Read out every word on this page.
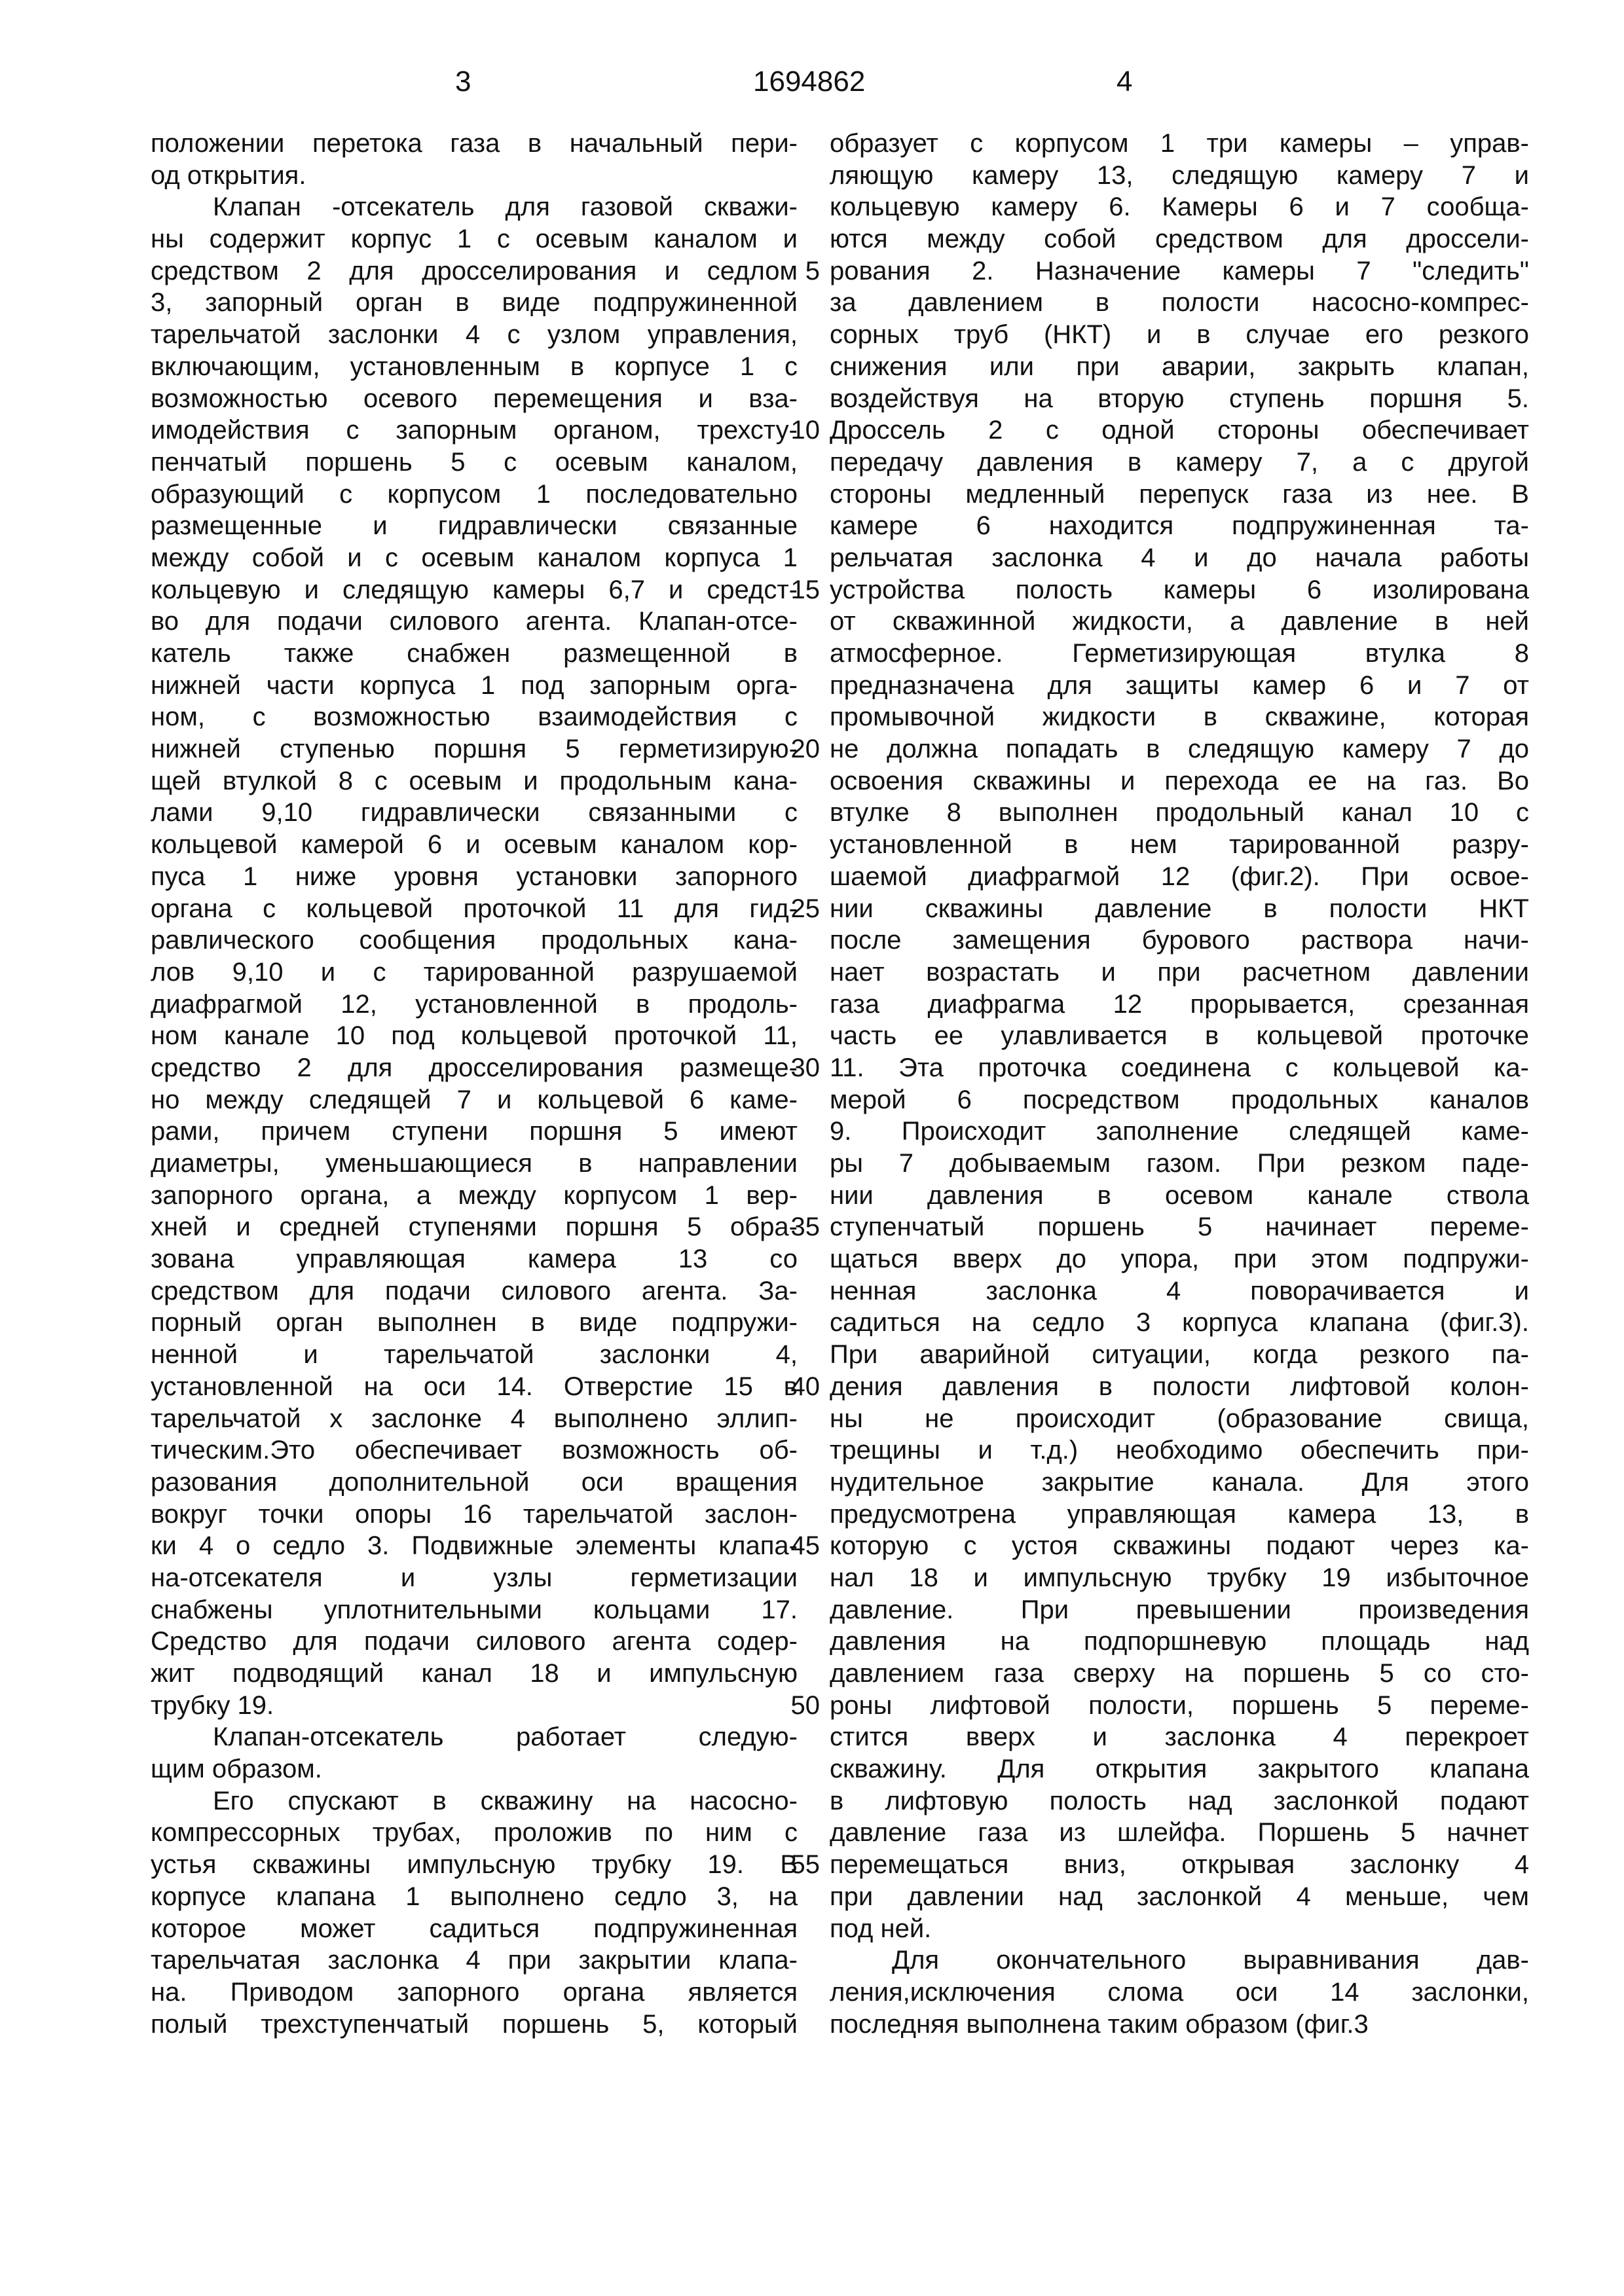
3	1694862	4
положении перетока газа в начальный пери-
од открытия.
Клапан -отсекатель для газовой скважи-
ны содержит корпус 1 с осевым каналом и
средством 2 для дросселирования и седлом
3, запорный орган в виде подпружиненной
тарельчатой заслонки 4 с узлом управления,
включающим, установленным в корпусе 1 с
возможностью осевого перемещения и вза-
имодействия с запорным органом, трехсту-
пенчатый поршень 5 с осевым каналом,
образующий с корпусом 1 последовательно
размещенные и гидравлически связанные
между собой и с осевым каналом корпуса 1
кольцевую и следящую камеры 6,7 и средст-
во для подачи силового агента. Клапан-отсе-
катель также снабжен размещенной в
нижней части корпуса 1 под запорным орга-
ном, с возможностью взаимодействия с
нижней ступенью поршня 5 герметизирую-
щей втулкой 8 с осевым и продольным кана-
лами 9,10 гидравлически связанными с
кольцевой камерой 6 и осевым каналом кор-
пуса 1 ниже уровня установки запорного
органа с кольцевой проточкой 11 для гид-
равлического сообщения продольных кана-
лов 9,10 и с тарированной разрушаемой
диафрагмой 12, установленной в продоль-
ном канале 10 под кольцевой проточкой 11,
средство 2 для дросселирования размеще-
но между следящей 7 и кольцевой 6 каме-
рами, причем ступени поршня 5 имеют
диаметры, уменьшающиеся в направлении
запорного органа, а между корпусом 1 вер-
хней и средней ступенями поршня 5 обра-
зована управляющая камера 13 со
средством для подачи силового агента. За-
порный орган выполнен в виде подпружи-
ненной и тарельчатой заслонки 4,
установленной на оси 14. Отверстие 15 в
тарельчатой х заслонке 4 выполнено эллип-
тическим.Это обеспечивает возможность об-
разования дополнительной оси вращения
вокруг точки опоры 16 тарельчатой заслон-
ки 4 о седло 3. Подвижные элементы клапа-
на-отсекателя и узлы герметизации
снабжены уплотнительными кольцами 17.
Средство для подачи силового агента содер-
жит подводящий канал 18 и импульсную
трубку 19.
Клапан-отсекатель работает следую-
щим образом.
Его спускают в скважину на насосно-
компрессорных трубах, проложив по ним с
устья скважины импульсную трубку 19. В
корпусе клапана 1 выполнено седло 3, на
которое может садиться подпружиненная
тарельчатая заслонка 4 при закрытии клапа-
на. Приводом запорного органа является
полый трехступенчатый поршень 5, который
5
10
15
20
25
30
35
40
45
50
55
образует с корпусом 1 три камеры – управ-
ляющую камеру 13, следящую камеру 7 и
кольцевую камеру 6. Камеры 6 и 7 сообща-
ются между собой средством для дроссели-
рования 2. Назначение камеры 7 "следить"
за давлением в полости насосно-компрес-
сорных труб (НКТ) и в случае его резкого
снижения или при аварии, закрыть клапан,
воздействуя на вторую ступень поршня 5.
Дроссель 2 с одной стороны обеспечивает
передачу давления в камеру 7, а с другой
стороны медленный перепуск газа из нее. В
камере 6 находится подпружиненная та-
рельчатая заслонка 4 и до начала работы
устройства полость камеры 6 изолирована
от скважинной жидкости, а давление в ней
атмосферное. Герметизирующая втулка 8
предназначена для защиты камер 6 и 7 от
промывочной жидкости в скважине, которая
не должна попадать в следящую камеру 7 до
освоения скважины и перехода ее на газ. Во
втулке 8 выполнен продольный канал 10 с
установленной в нем тарированной разру-
шаемой диафрагмой 12 (фиг.2). При освое-
нии скважины давление в полости НКТ
после замещения бурового раствора начи-
нает возрастать и при расчетном давлении
газа диафрагма 12 прорывается, срезанная
часть ее улавливается в кольцевой проточке
11. Эта проточка соединена с кольцевой ка-
мерой 6 посредством продольных каналов
9. Происходит заполнение следящей каме-
ры 7 добываемым газом. При резком паде-
нии давления в осевом канале ствола
ступенчатый поршень 5 начинает переме-
щаться вверх до упора, при этом подпружи-
ненная заслонка 4 поворачивается и
садиться на седло 3 корпуса клапана (фиг.3).
При аварийной ситуации, когда резкого па-
дения давления в полости лифтовой колон-
ны не происходит (образование свища,
трещины и т.д.) необходимо обеспечить при-
нудительное закрытие канала. Для этого
предусмотрена управляющая камера 13, в
которую с устоя скважины подают через ка-
нал 18 и импульсную трубку 19 избыточное
давление. При превышении произведения
давления на подпоршневую площадь над
давлением газа сверху на поршень 5 со сто-
роны лифтовой полости, поршень 5 переме-
стится вверх и заслонка 4 перекроет
скважину. Для открытия закрытого клапана
в лифтовую полость над заслонкой подают
давление газа из шлейфа. Поршень 5 начнет
перемещаться вниз, открывая заслонку 4
при давлении над заслонкой 4 меньше, чем
под ней.
Для окончательного выравнивания дав-
ления,исключения слома оси 14 заслонки,
последняя выполнена таким образом (фиг.3
